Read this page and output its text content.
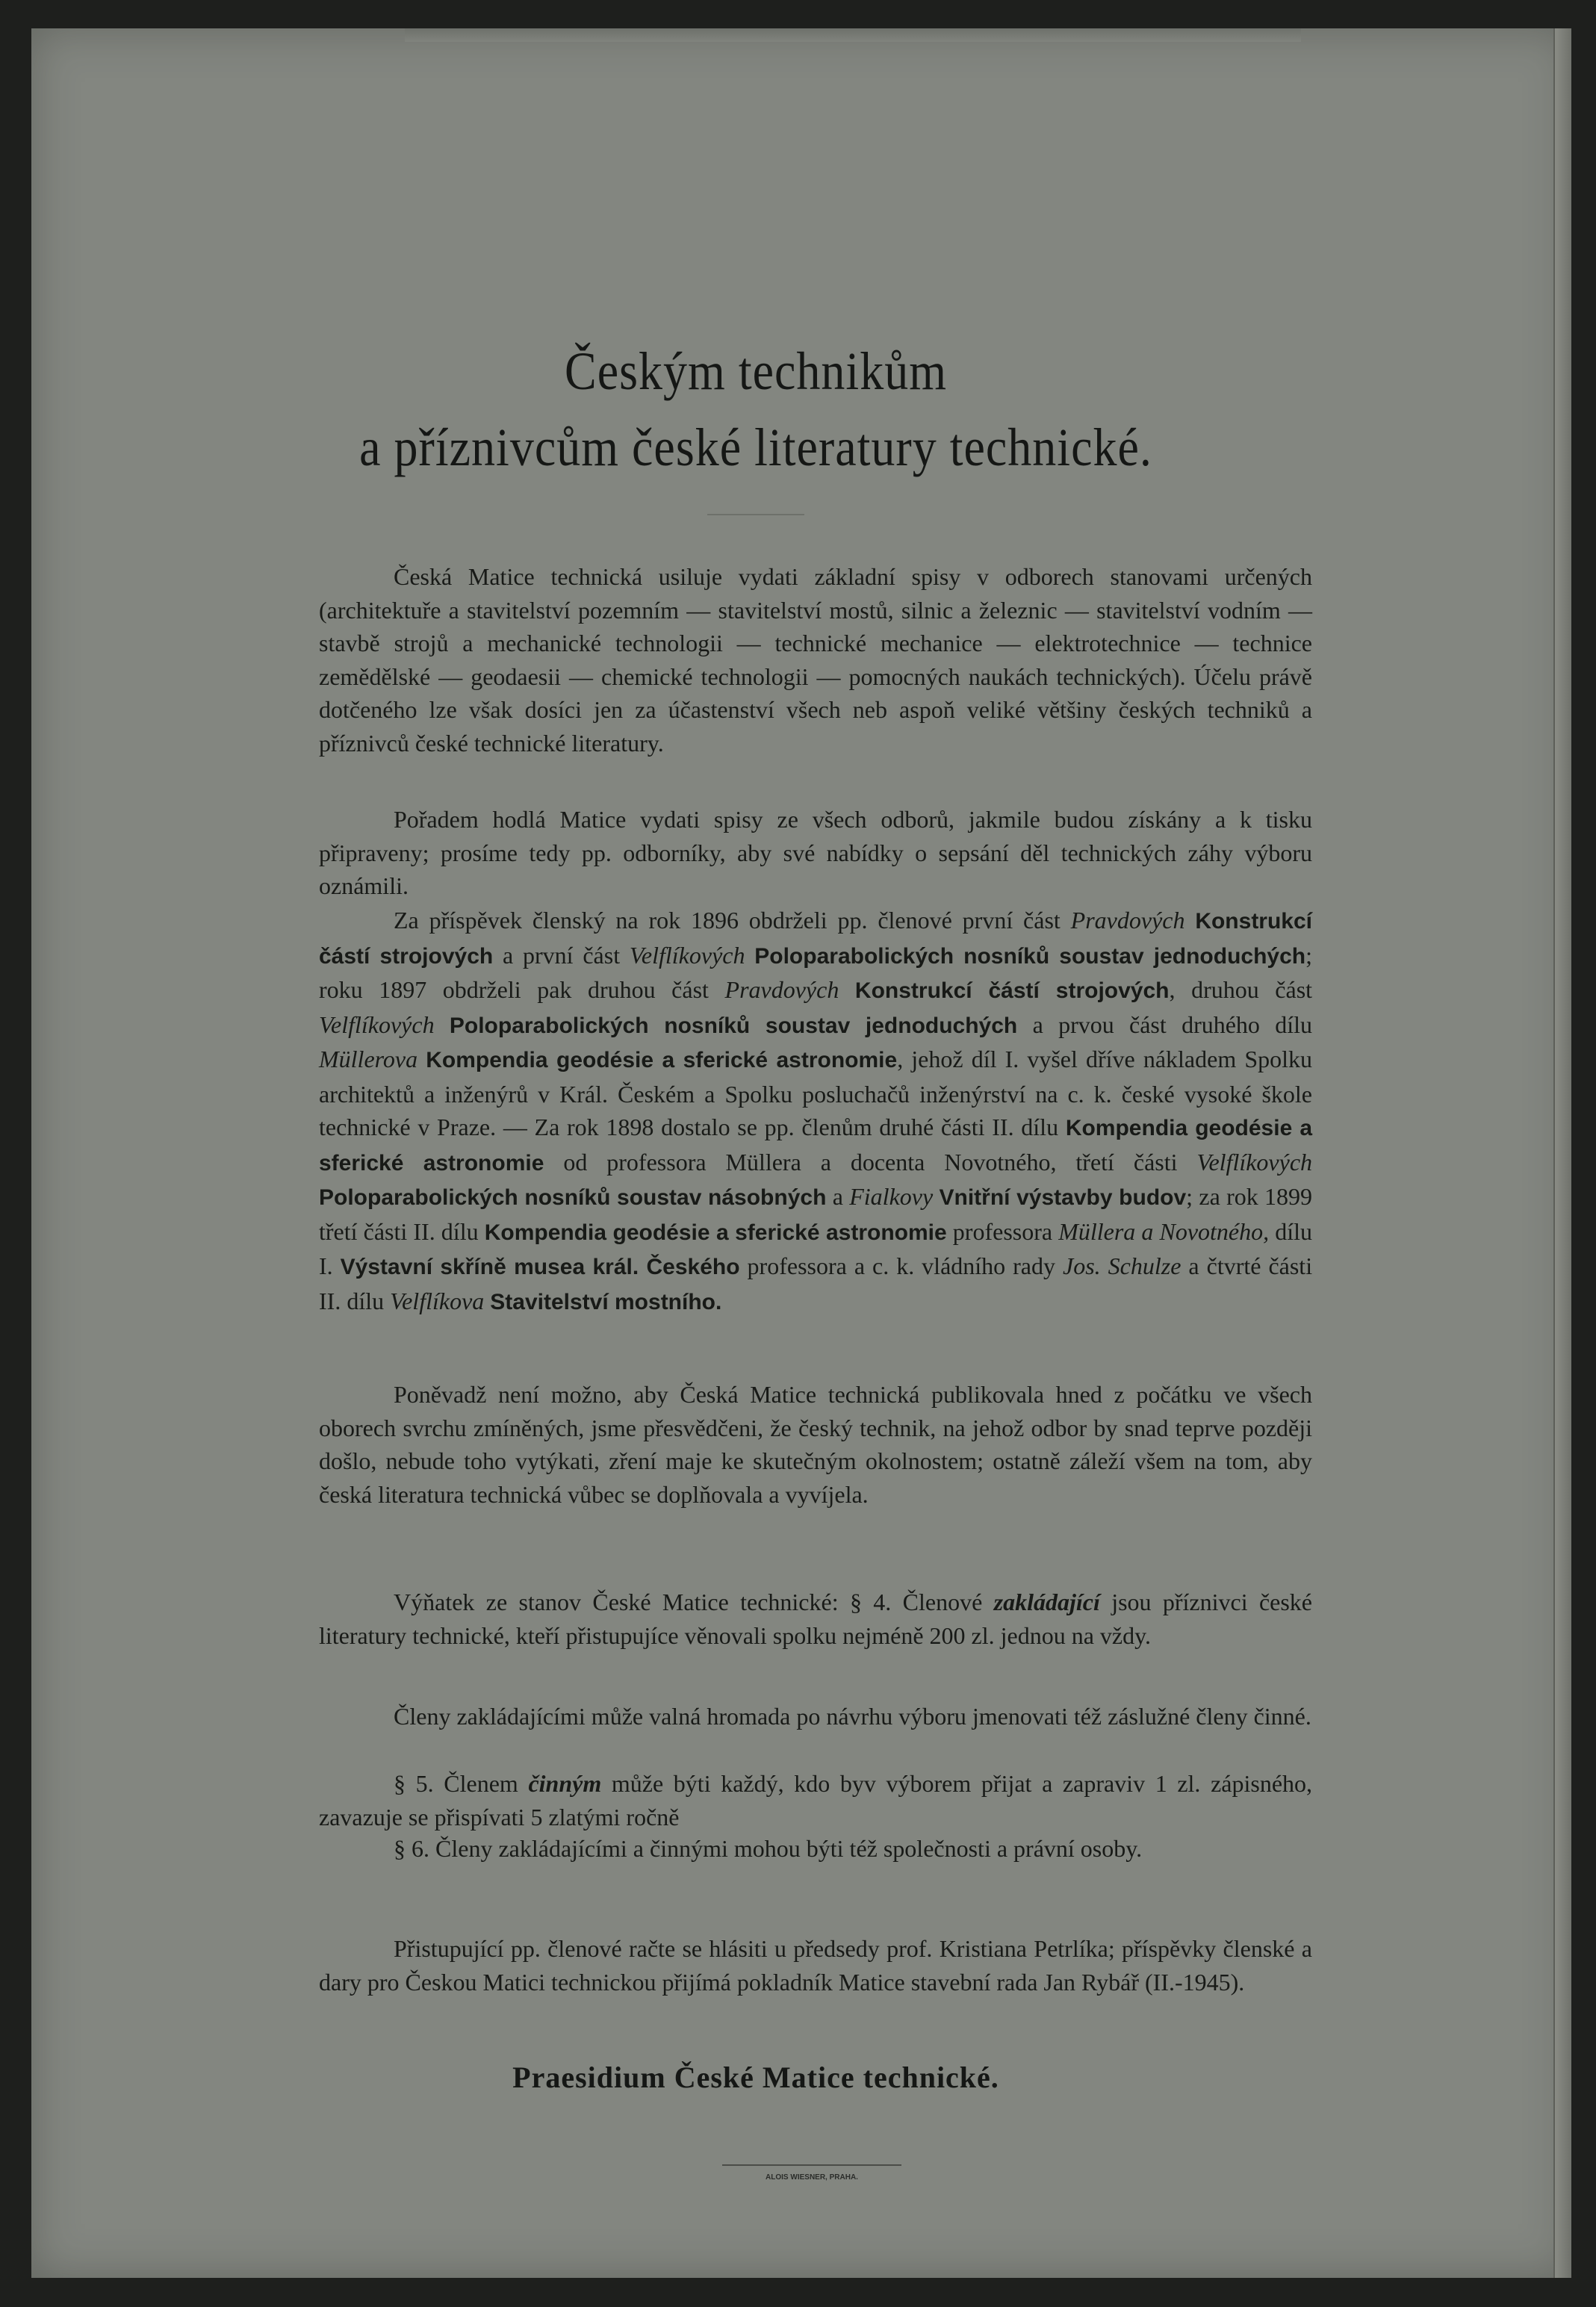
Českým technikům
a příznivcům české literatury technické.

Česká Matice technická usiluje vydati základní spisy v odborech stanovami určených (architektuře a stavitelství pozemním — stavitelství mostů, silnic a železnic — stavitelství vodním — stavbě strojů a mechanické technologii — technické mechanice — elektrotechnice — technice zemědělské — geodaesii — chemické technologii — pomocných naukách technických). Účelu právě dotčeného lze však dosíci jen za účastenství všech neb aspoň veliké většiny českých techniků a příznivců české technické literatury.

Pořadem hodlá Matice vydati spisy ze všech odborů, jakmile budou získány a k tisku připraveny; prosíme tedy pp. odborníky, aby své nabídky o sepsání děl technických záhy výboru oznámili.

Za příspěvek členský na rok 1896 obdrželi pp. členové první část Pravdových Konstrukcí částí strojových a první část Velflíkových Poloparabolických nosníků soustav jednoduchých; roku 1897 obdrželi pak druhou část Pravdových Konstrukcí částí strojových, druhou část Velflíkových Poloparabolických nosníků soustav jednoduchých a prvou část druhého dílu Müllerova Kompendia geodésie a sferické astronomie, jehož díl I. vyšel dříve nákladem Spolku architektů a inženýrů v Král. Českém a Spolku posluchačů inženýrství na c. k. české vysoké škole technické v Praze. — Za rok 1898 dostalo se pp. členům druhé části II. dílu Kompendia geodésie a sferické astronomie od professora Müllera a docenta Novotného, třetí části Velflíkových Poloparabolických nosníků soustav násobných a Fialkovy Vnitřní výstavby budov; za rok 1899 třetí části II. dílu Kompendia geodésie a sferické astronomie professora Müllera a Novotného, dílu I. Výstavní skříně musea král. Českého professora a c. k. vládního rady Jos. Schulze a čtvrté části II. dílu Velflíkova Stavitelství mostního.

Poněvadž není možno, aby Česká Matice technická publikovala hned z počátku ve všech oborech svrchu zmíněných, jsme přesvědčeni, že český technik, na jehož odbor by snad teprve později došlo, nebude toho vytýkati, zření maje ke skutečným okolnostem; ostatně záleží všem na tom, aby česká literatura technická vůbec se doplňovala a vyvíjela.

Výňatek ze stanov České Matice technické: § 4. Členové zakládající jsou příznivci české literatury technické, kteří přistupujíce věnovali spolku nejméně 200 zl. jednou na vždy.

Členy zakládajícími může valná hromada po návrhu výboru jmenovati též záslužné členy činné.

§ 5. Členem činným může býti každý, kdo byv výborem přijat a zapraviv 1 zl. zápisného, zavazuje se přispívati 5 zlatými ročně

§ 6. Členy zakládajícími a činnými mohou býti též společnosti a právní osoby.

Přistupující pp. členové račte se hlásiti u předsedy prof. Kristiana Petrlíka; příspěvky členské a dary pro Českou Matici technickou přijímá pokladník Matice stavební rada Jan Rybář (II.-1945).

Praesidium České Matice technické.
ALOIS WIESNER, PRAHA.
